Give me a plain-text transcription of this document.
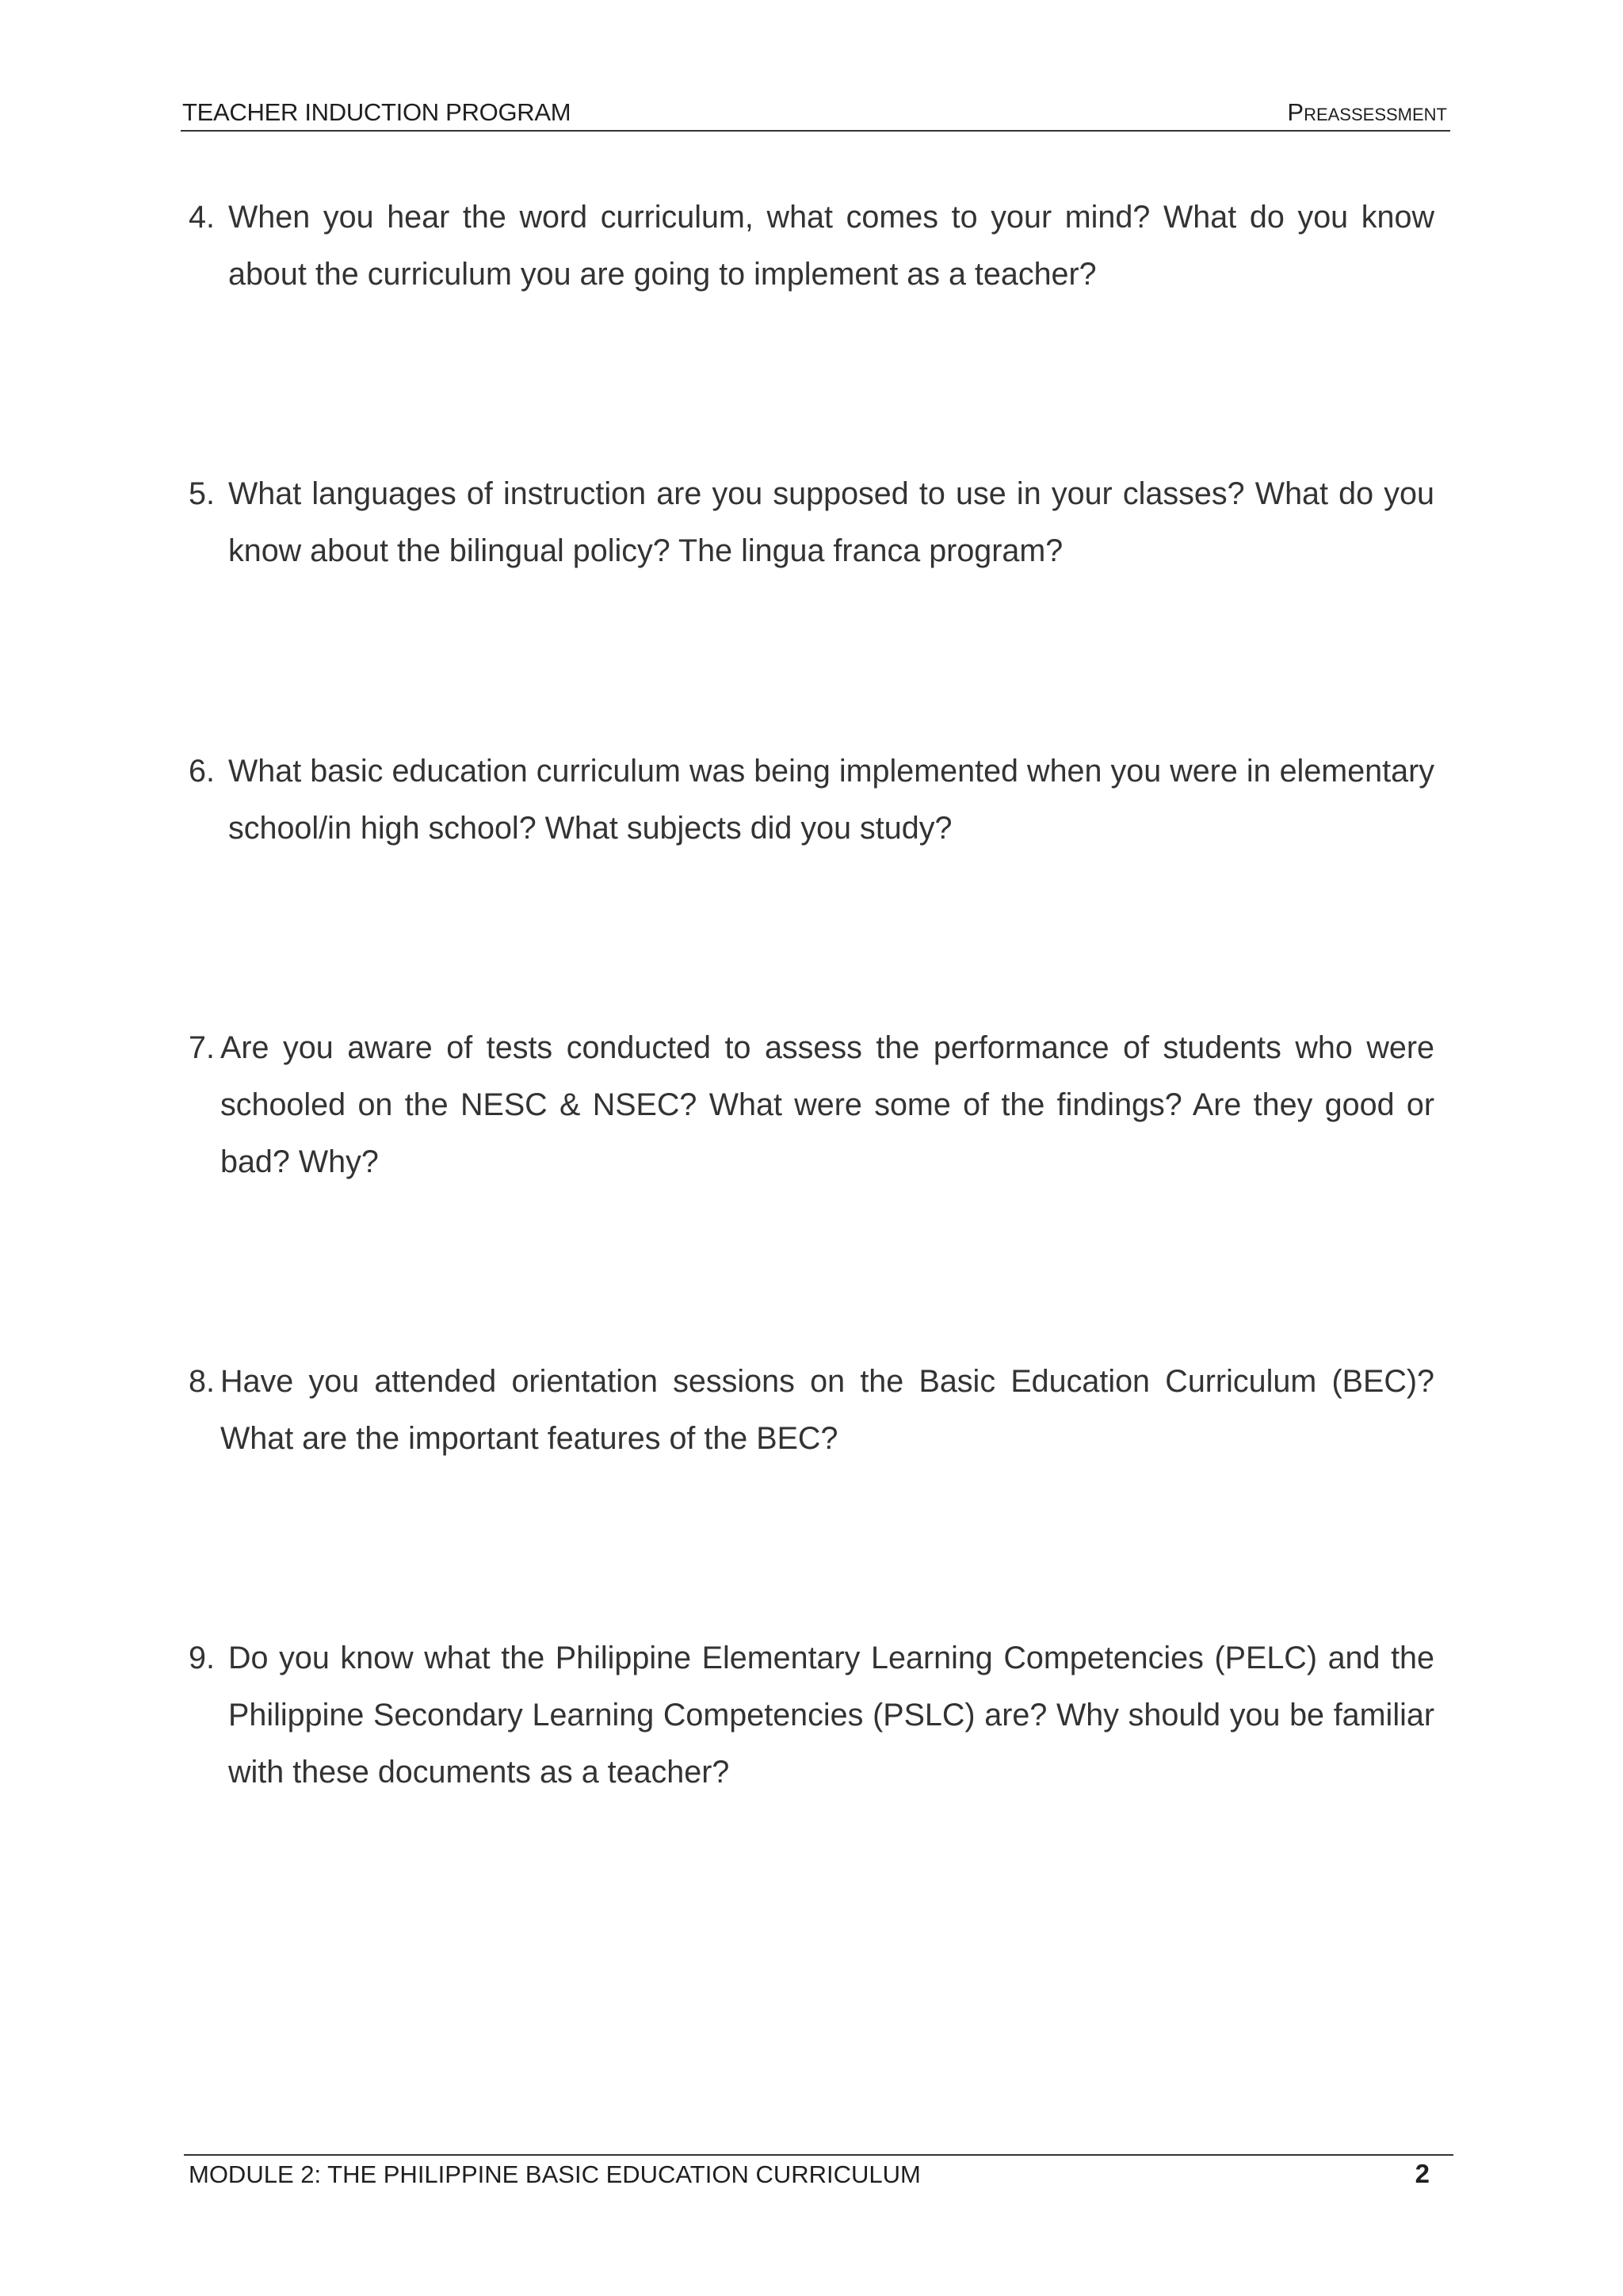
TEACHER INDUCTION PROGRAM	Preassessment
4. When you hear the word curriculum, what comes to your mind? What do you know about the curriculum you are going to implement as a teacher?
5. What languages of instruction are you supposed to use in your classes? What do you know about the bilingual policy? The lingua franca program?
6. What basic education curriculum was being implemented when you were in elementary school/in high school? What subjects did you study?
7. Are you aware of tests conducted to assess the performance of students who were schooled on the NESC & NSEC? What were some of the findings? Are they good or bad? Why?
8. Have you attended orientation sessions on the Basic Education Curriculum (BEC)? What are the important features of the BEC?
9. Do you know what the Philippine Elementary Learning Competencies (PELC) and the Philippine Secondary Learning Competencies (PSLC) are? Why should you be familiar with these documents as a teacher?
MODULE 2: THE PHILIPPINE BASIC EDUCATION CURRICULUM	2
